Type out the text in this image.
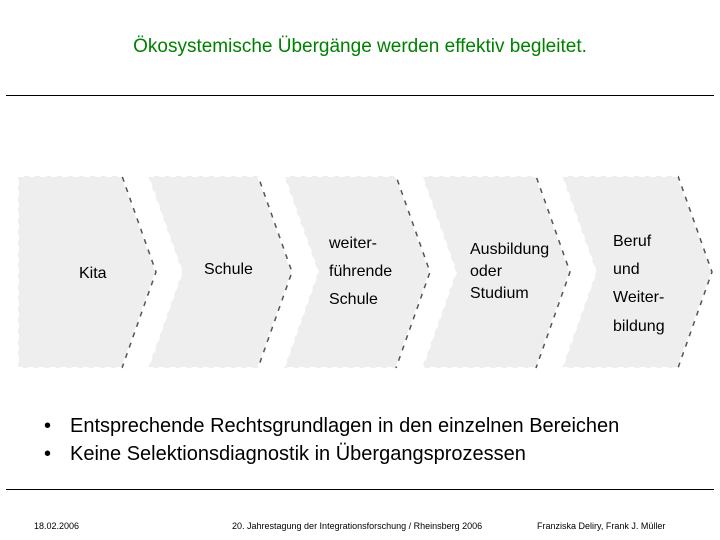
Ökosystemische Übergänge werden effektiv begleitet.
Kita	Schule
weiter-
führende
Schule
Ausbildung
oder
Studium
Beruf
und
Weiter-
bildung
• Entsprechende Rechtsgrundlagen in den einzelnen Bereichen
• Keine Selektionsdiagnostik in Übergangsprozessen
18.02.2006	20. Jahrestagung der Integrationsforschung / Rheinsberg 2006	Franziska Deliry, Frank J. Müller
